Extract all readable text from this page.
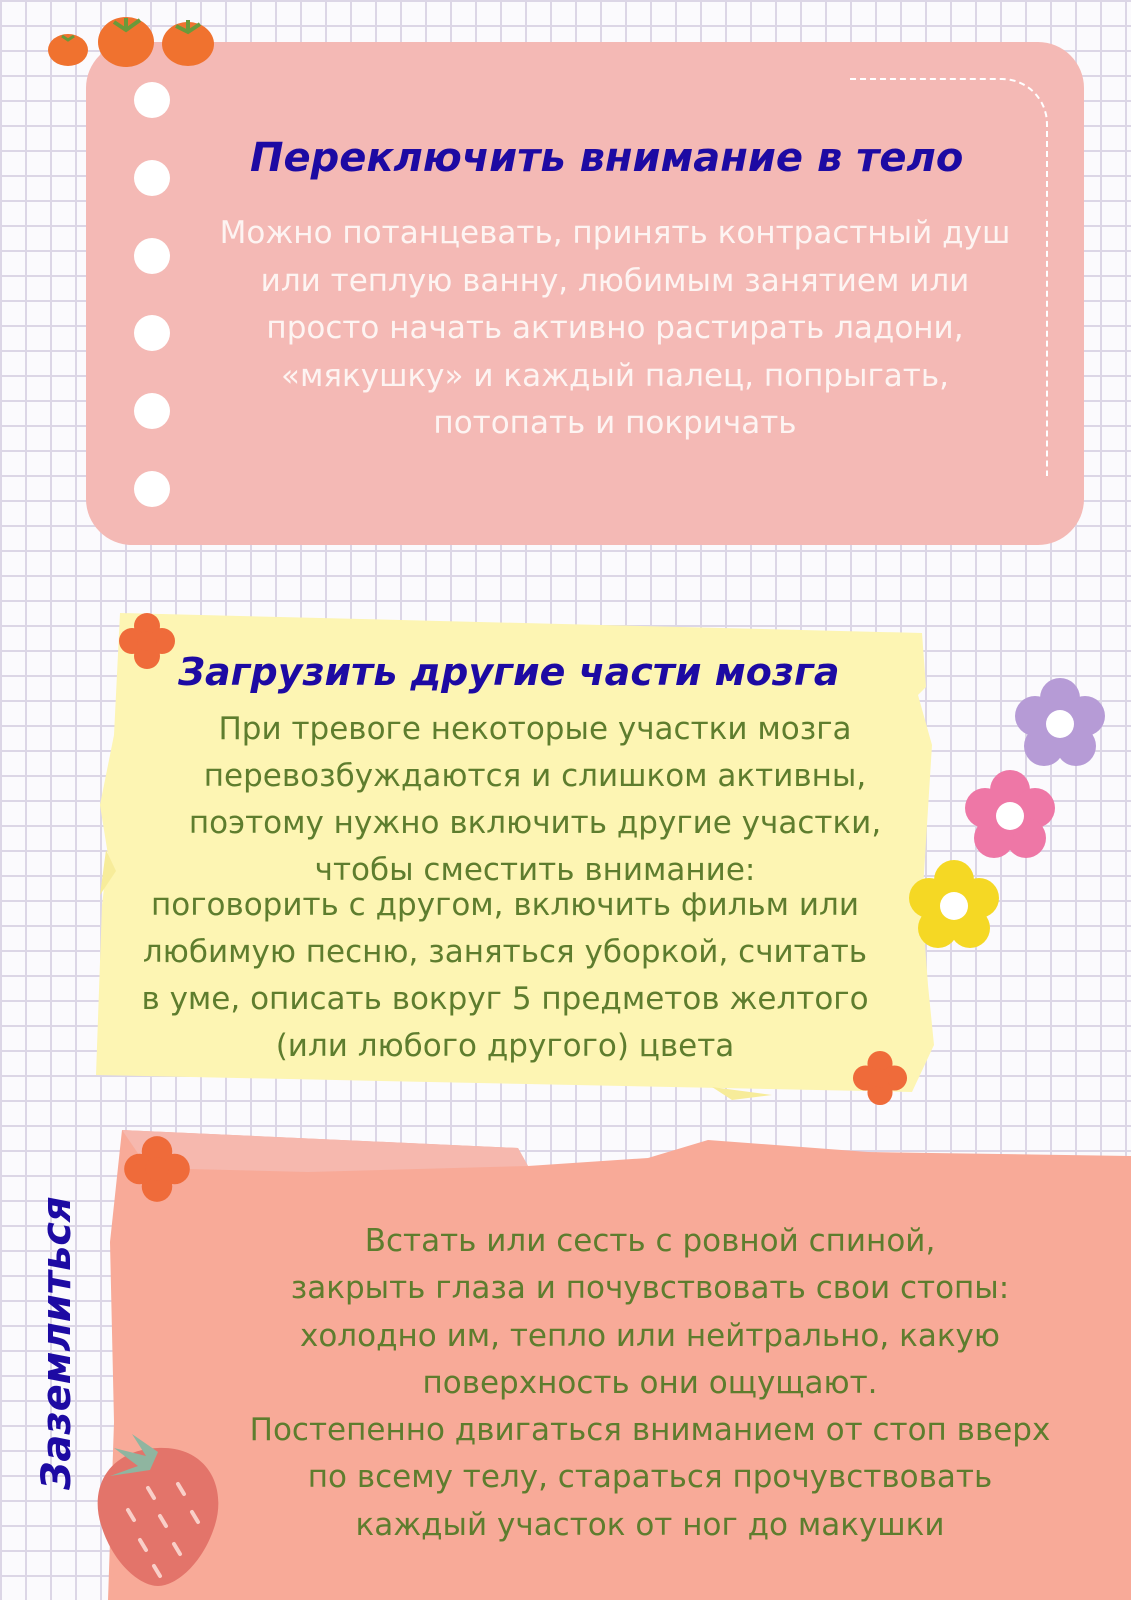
Переключить внимание в тело
Можно потанцевать, принять контрастный душ
или теплую ванну, любимым занятием или
просто начать активно растирать ладони,
«мякушку» и каждый палец, попрыгать,
потопать и покричать
Загрузить другие части мозга
При тревоге некоторые участки мозга
перевозбуждаются и слишком активны,
поэтому нужно включить другие участки,
чтобы сместить внимание:
поговорить с другом, включить фильм или
любимую песню, заняться уборкой, считать
в уме, описать вокруг 5 предметов желтого
(или любого другого) цвета
Заземлиться	Встать или сесть с ровной спиной,
закрыть глаза и почувствовать свои стопы:
холодно им, тепло или нейтрально, какую
поверхность они ощущают.
Постепенно двигаться вниманием от стоп вверх
по всему телу, стараться прочувствовать
каждый участок от ног до макушки
